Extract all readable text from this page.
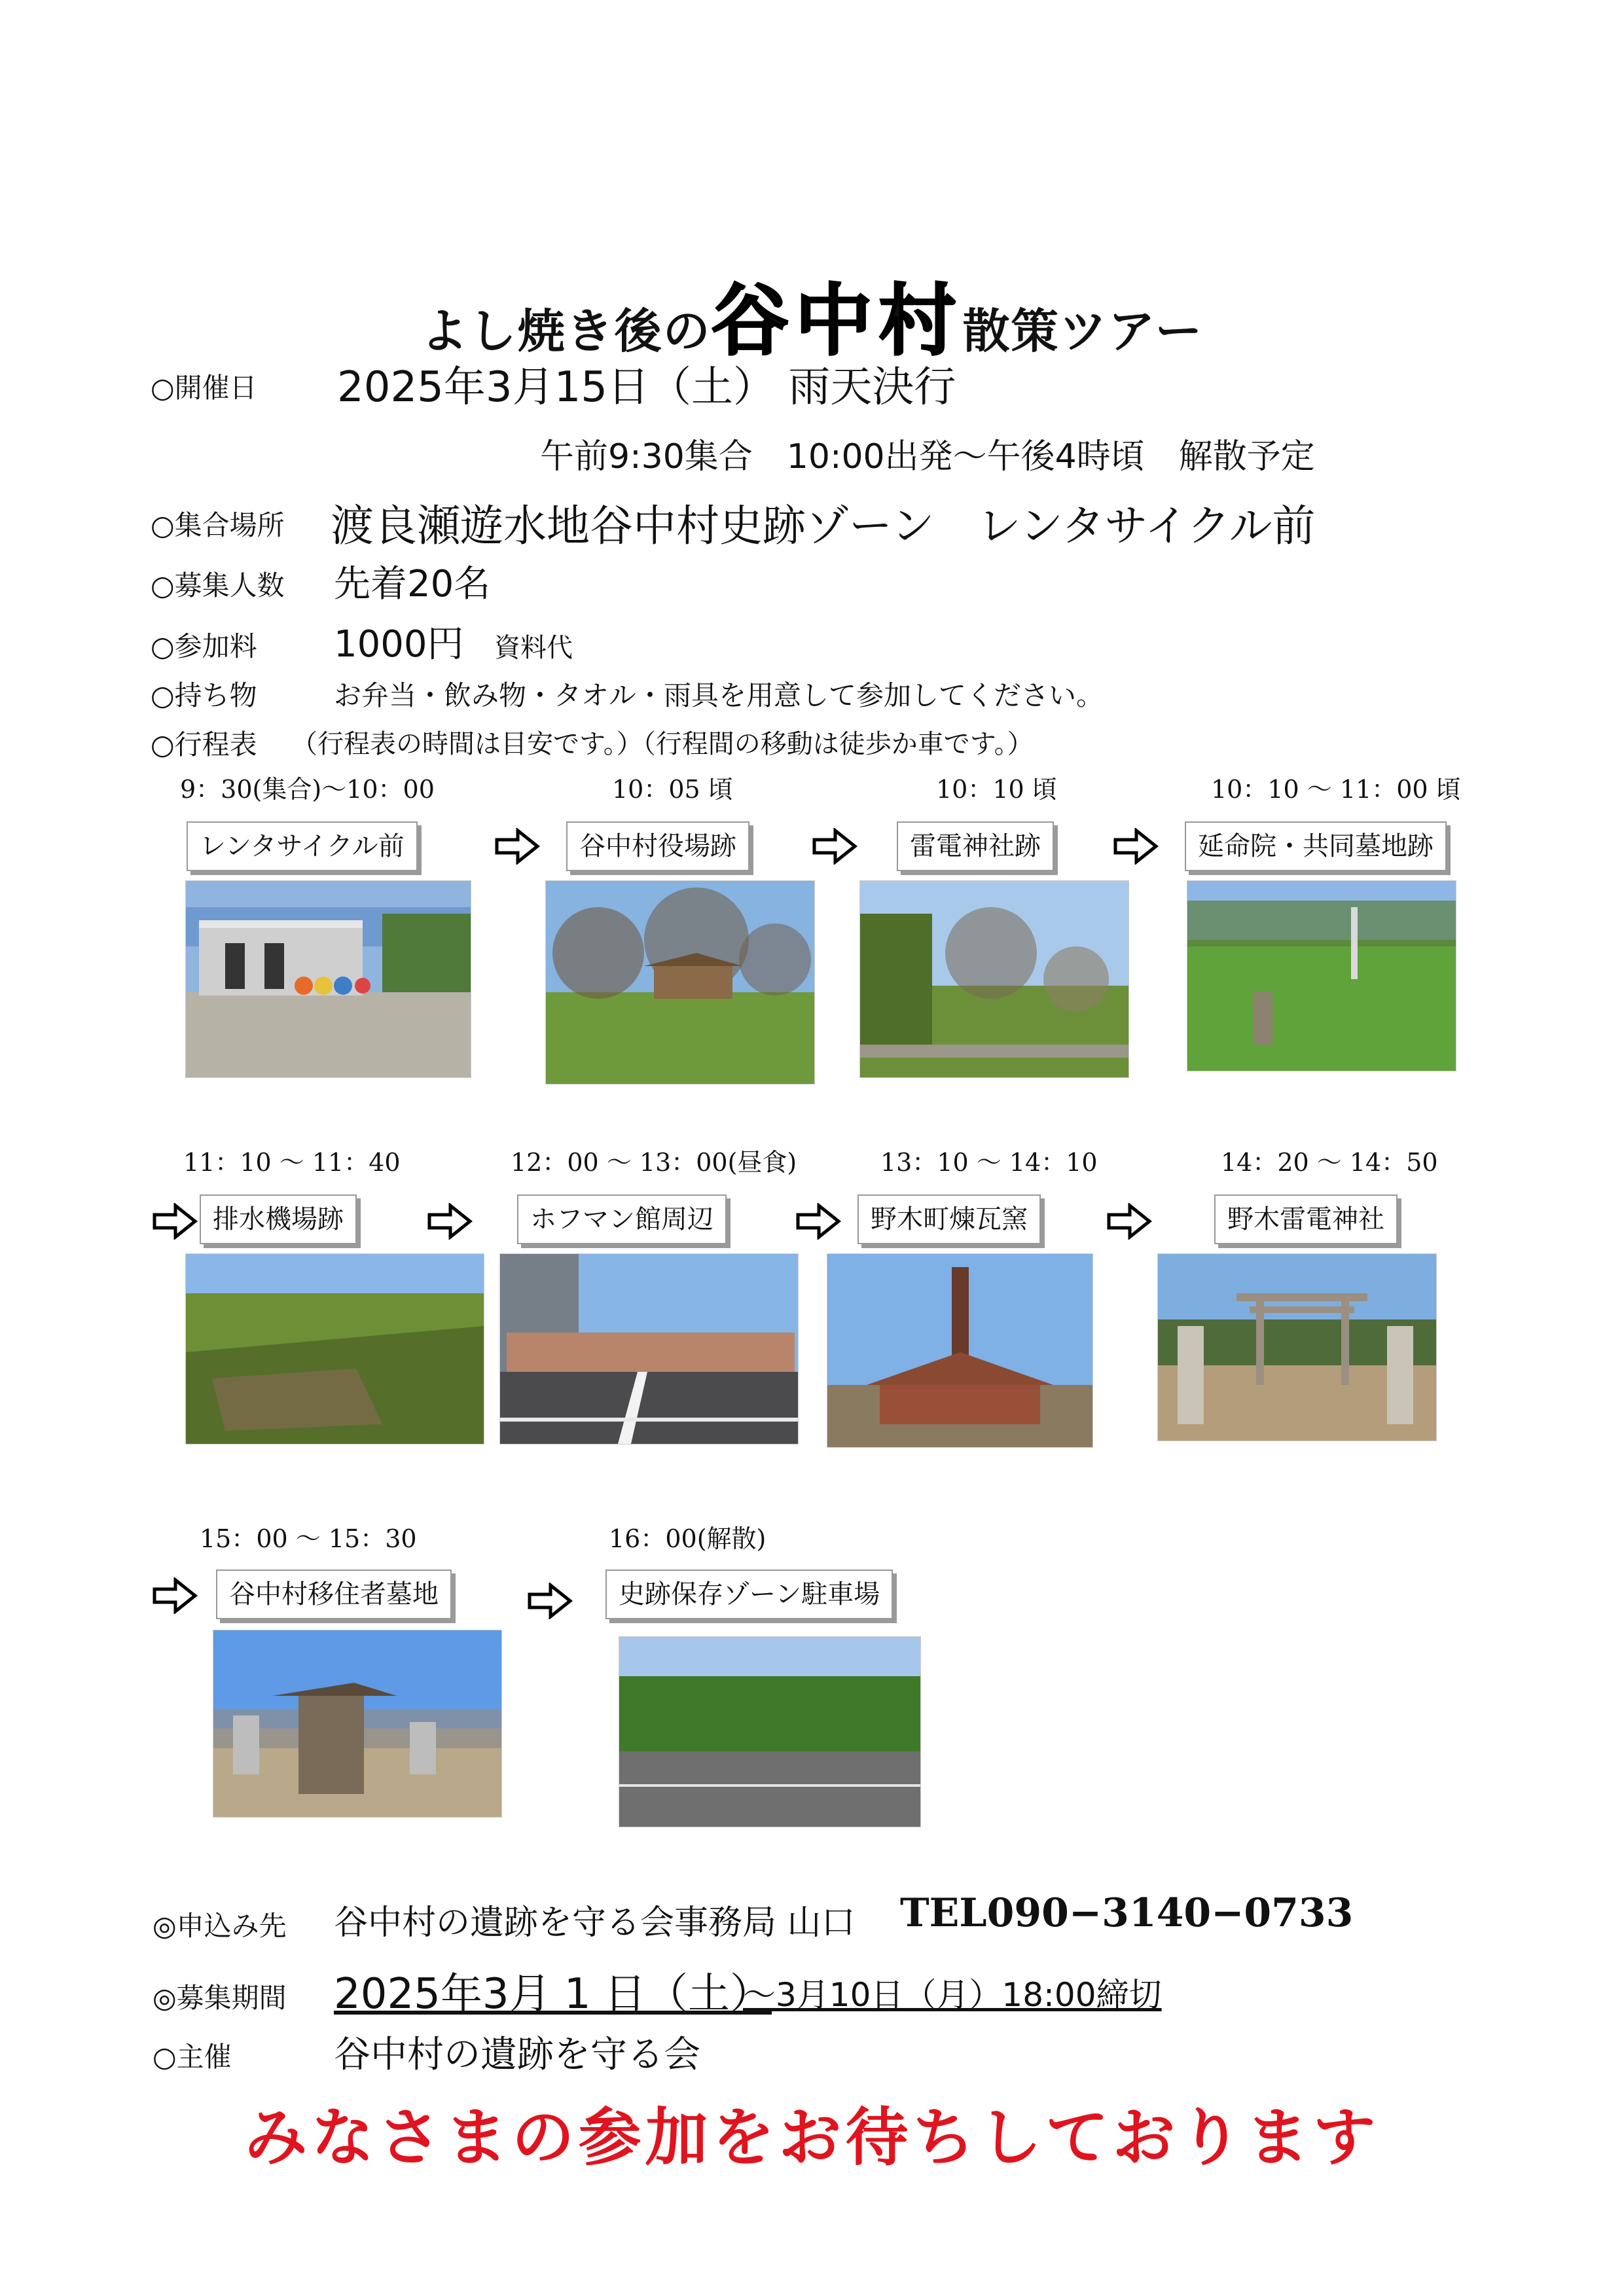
よし焼き後の谷中村散策ツアー
○開催日 2025年3月15日（土） 雨天決行
午前9:30集合　10:00出発～午後4時頃　解散予定
○集合場所 渡良瀬遊水地谷中村史跡ゾーン　レンタサイクル前
○募集人数 先着20名
○参加料 1000円 資料代
○持ち物	お弁当・飲み物・タオル・雨具を用意して参加してください。
○行程表 （行程表の時間は目安です。）（行程間の移動は徒歩か車です。）
9：30(集合)～10：00	10：05 頃	10：10 頃	10：10 ～ 11：00 頃
レンタサイクル前	谷中村役場跡	雷電神社跡	延命院・共同墓地跡
11：10 ～ 11：40	12：00 ～ 13：00(昼食)	13：10 ～ 14：10	14：20 ～ 14：50
排水機場跡	ホフマン館周辺	野木町煉瓦窯	野木雷電神社
15：00 ～ 15：30	16：00(解散)
谷中村移住者墓地	史跡保存ゾーン駐車場
◎申込み先 谷中村の遺跡を守る会事務局 山口 TEL090−3140−0733
◎募集期間 2025年3月 1 日（土）
～3月10日（月）18:00締切
○主催	谷中村の遺跡を守る会
みなさまの参加をお待ちしております
